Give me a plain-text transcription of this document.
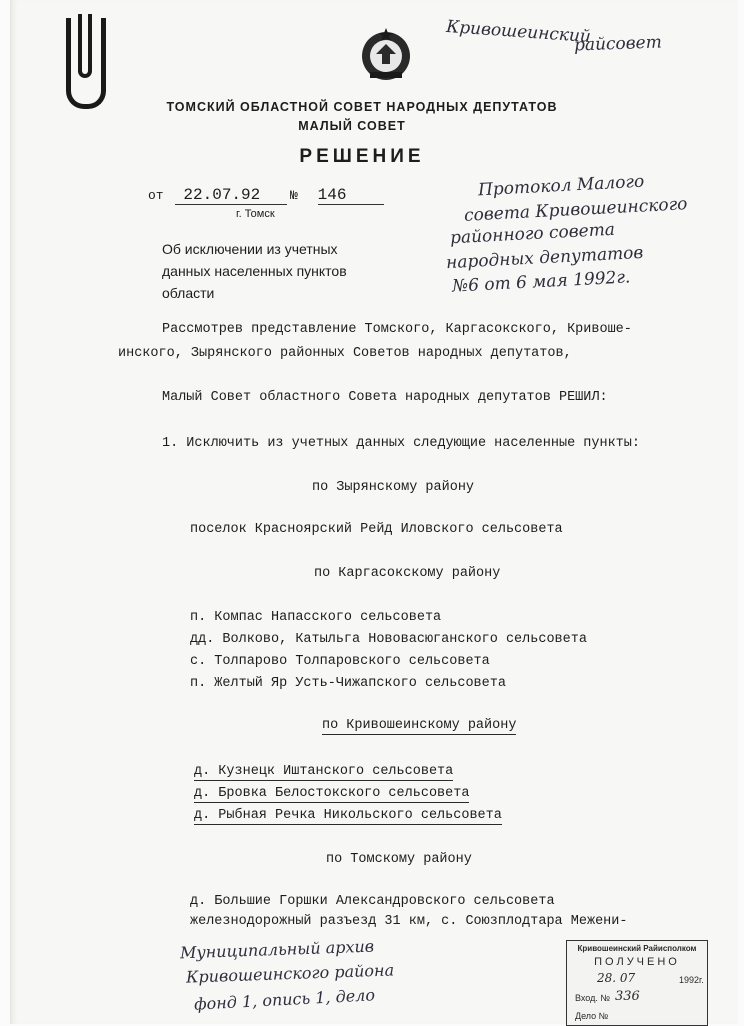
Кривошеинский
райсовет
ТОМСКИЙ ОБЛАСТНОЙ СОВЕТ НАРОДНЫХ ДЕПУТАТОВ
МАЛЫЙ СОВЕТ
РЕШЕНИЕ
от 22.07.92	№ 146
г. Томск
Протокол Малого
совета Кривошеинского
районного совета
народных депутатов
№6 от 6 мая 1992г.
Об исключении из учетных
данных населенных пунктов
области
Рассмотрев представление Томского, Каргасокского, Кривоше-
инского, Зырянского районных Советов народных депутатов,
Малый Совет областного Совета народных депутатов РЕШИЛ:
1. Исключить из учетных данных следующие населенные пункты:
по Зырянскому району
поселок Красноярский Рейд Иловского сельсовета
по Каргасокскому району
п. Компас Напасского сельсовета
дд. Волково, Катыльга Нововасюганского сельсовета
с. Толпарово Толпаровского сельсовета
п. Желтый Яр Усть-Чижапского сельсовета
по Кривошеинскому району
д. Кузнецк Иштанского сельсовета
д. Бровка Белостокского сельсовета
д. Рыбная Речка Никольского сельсовета
по Томскому району
д. Большие Горшки Александровского сельсовета
железнодорожный разъезд 31 км, с. Союзплодтара Межени-
Муниципальный архив
Кривошеинского района
фонд 1, опись 1, дело
Кривошеинский Райисполком
ПОЛУЧЕНО
28. 07	1992г.
Вход. № 336
Дело №
